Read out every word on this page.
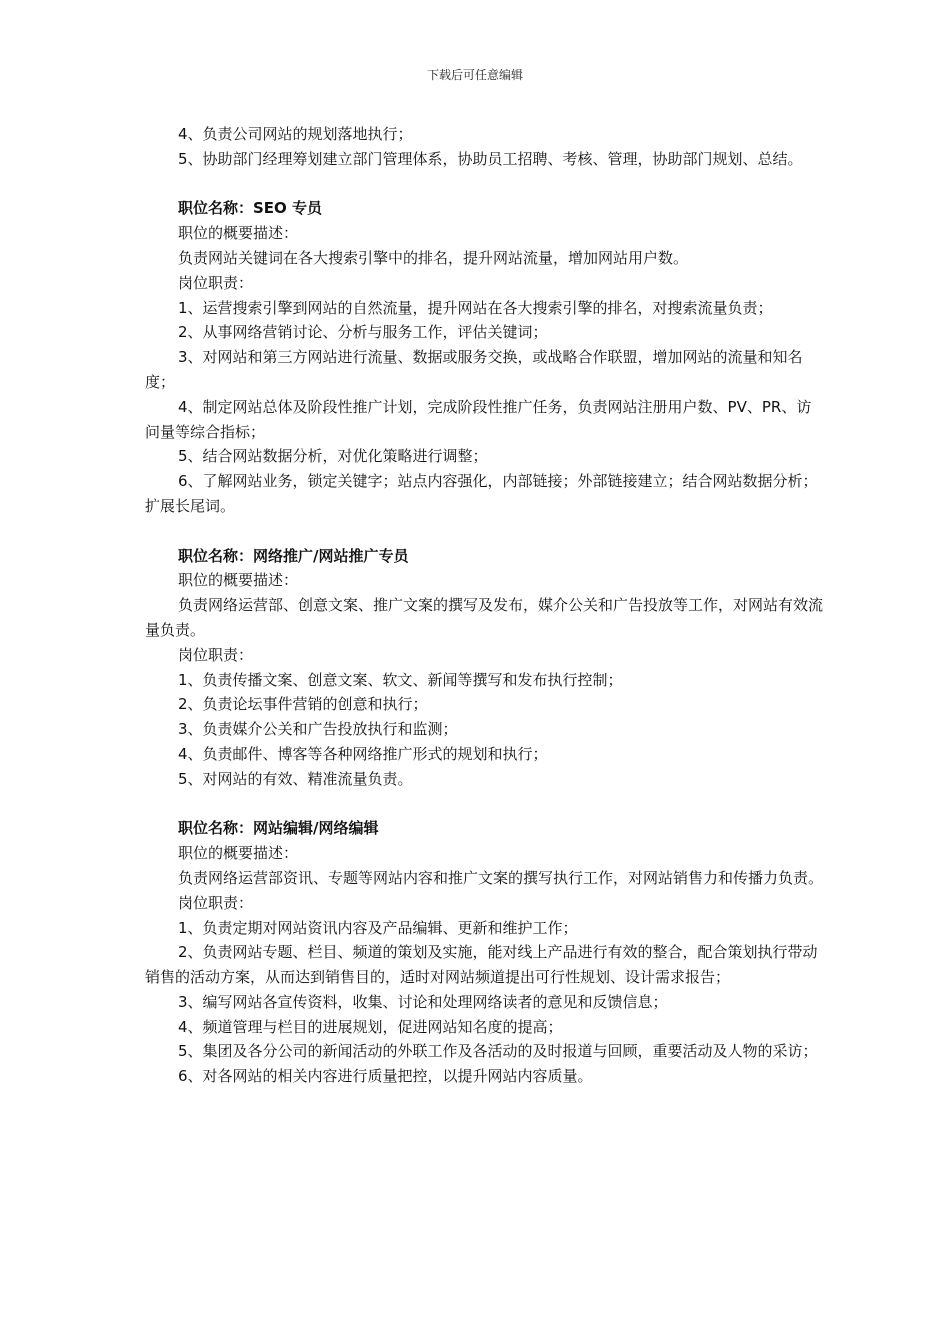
下载后可任意编辑

4、负责公司网站的规划落地执行；

5、协助部门经理筹划建立部门管理体系，协助员工招聘、考核、管理，协助部门规划、总结。

职位名称：SEO 专员

职位的概要描述：

负责网站关键词在各大搜索引擎中的排名，提升网站流量，增加网站用户数。

岗位职责：

1、运营搜索引擎到网站的自然流量，提升网站在各大搜索引擎的排名，对搜索流量负责；

2、从事网络营销讨论、分析与服务工作，评估关键词；

3、对网站和第三方网站进行流量、数据或服务交换，或战略合作联盟，增加网站的流量和知名度；

4、制定网站总体及阶段性推广计划，完成阶段性推广任务，负责网站注册用户数、PV、PR、访问量等综合指标；

5、结合网站数据分析，对优化策略进行调整；

6、了解网站业务，锁定关键字；站点内容强化，内部链接；外部链接建立；结合网站数据分析；扩展长尾词。

职位名称：网络推广/网站推广专员

职位的概要描述：

负责网络运营部、创意文案、推广文案的撰写及发布，媒介公关和广告投放等工作，对网站有效流量负责。

岗位职责：

1、负责传播文案、创意文案、软文、新闻等撰写和发布执行控制；

2、负责论坛事件营销的创意和执行；

3、负责媒介公关和广告投放执行和监测；

4、负责邮件、博客等各种网络推广形式的规划和执行；

5、对网站的有效、精准流量负责。

职位名称：网站编辑/网络编辑

职位的概要描述：

负责网络运营部资讯、专题等网站内容和推广文案的撰写执行工作，对网站销售力和传播力负责。

岗位职责：

1、负责定期对网站资讯内容及产品编辑、更新和维护工作；

2、负责网站专题、栏目、频道的策划及实施，能对线上产品进行有效的整合，配合策划执行带动销售的活动方案，从而达到销售目的，适时对网站频道提出可行性规划、设计需求报告；

3、编写网站各宣传资料，收集、讨论和处理网络读者的意见和反馈信息；

4、频道管理与栏目的进展规划，促进网站知名度的提高；

5、集团及各分公司的新闻活动的外联工作及各活动的及时报道与回顾，重要活动及人物的采访；

6、对各网站的相关内容进行质量把控，以提升网站内容质量。
